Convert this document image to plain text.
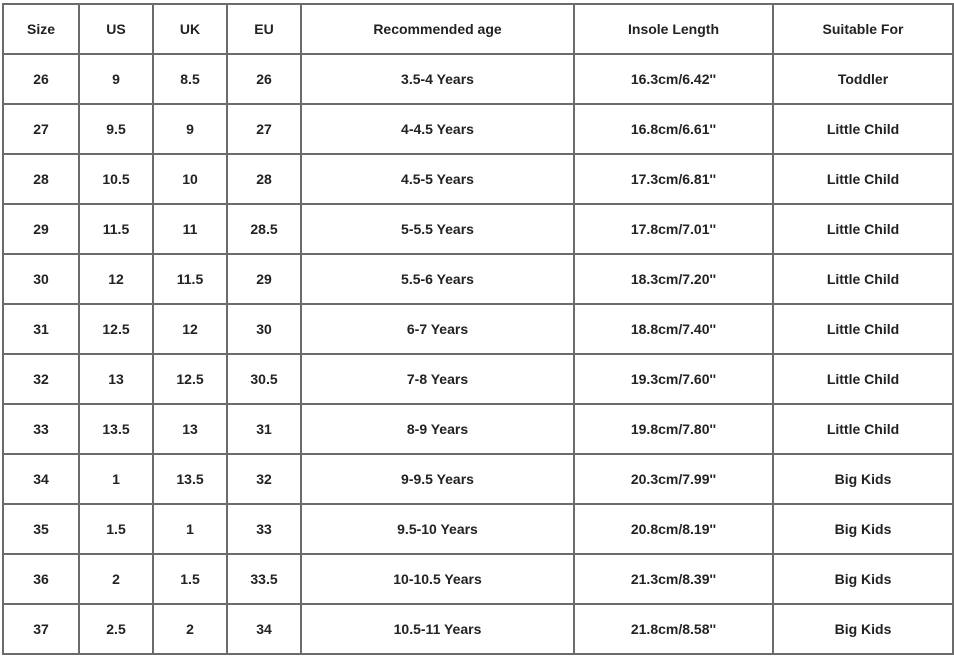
Size	US	UK	EU	Recommended age	Insole Length	Suitable For
26	9	8.5	26	3.5-4 Years	16.3cm/6.42''	Toddler
27	9.5	9	27	4-4.5 Years	16.8cm/6.61''	Little Child
28	10.5	10	28	4.5-5 Years	17.3cm/6.81''	Little Child
29	11.5	11	28.5	5-5.5 Years	17.8cm/7.01''	Little Child
30	12	11.5	29	5.5-6 Years	18.3cm/7.20''	Little Child
31	12.5	12	30	6-7 Years	18.8cm/7.40''	Little Child
32	13	12.5	30.5	7-8 Years	19.3cm/7.60''	Little Child
33	13.5	13	31	8-9 Years	19.8cm/7.80''	Little Child
34	1	13.5	32	9-9.5 Years	20.3cm/7.99''	Big Kids
35	1.5	1	33	9.5-10 Years	20.8cm/8.19''	Big Kids
36	2	1.5	33.5	10-10.5 Years	21.3cm/8.39''	Big Kids
37	2.5	2	34	10.5-11 Years	21.8cm/8.58''	Big Kids
